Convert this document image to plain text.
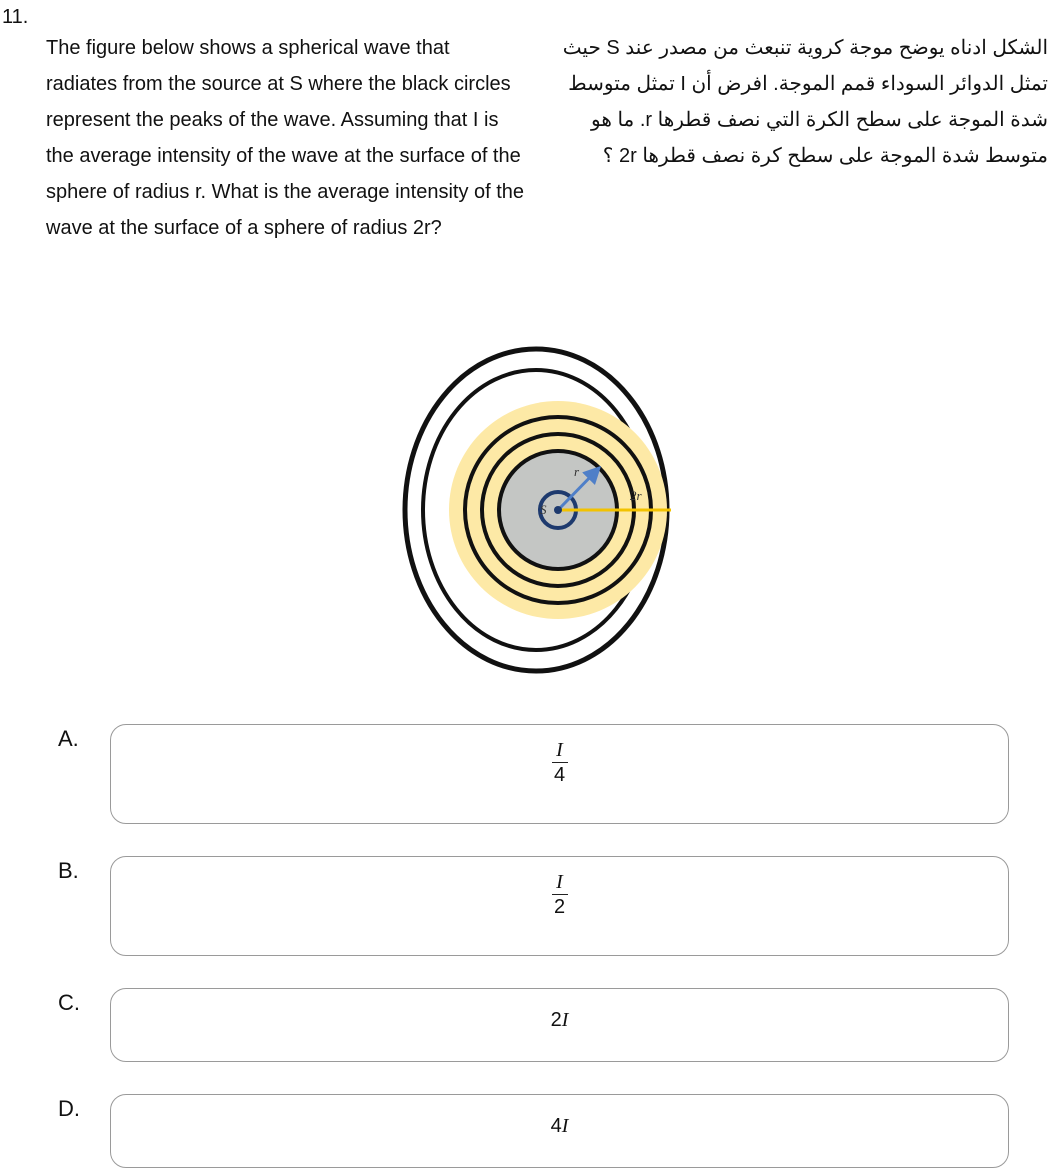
11.

The figure below shows a spherical wave that radiates from the source at S where the black circles represent the peaks of the wave. Assuming that I is the average intensity of the wave at the surface of the sphere of radius r. What is the average intensity of the wave at the surface of a sphere of radius 2r?

الشكل ادناه يوضح موجة كروية تنبعث من مصدر عند S حيث تمثل الدوائر السوداء قمم الموجة. افرض أن I تمثل متوسط شدة الموجة على سطح الكرة التي نصف قطرها r. ما هو متوسط شدة الموجة على سطح كرة نصف قطرها 2r ؟

S
r
2r
A.	I
4
B.	I
2
C.
2I
D.
4I
